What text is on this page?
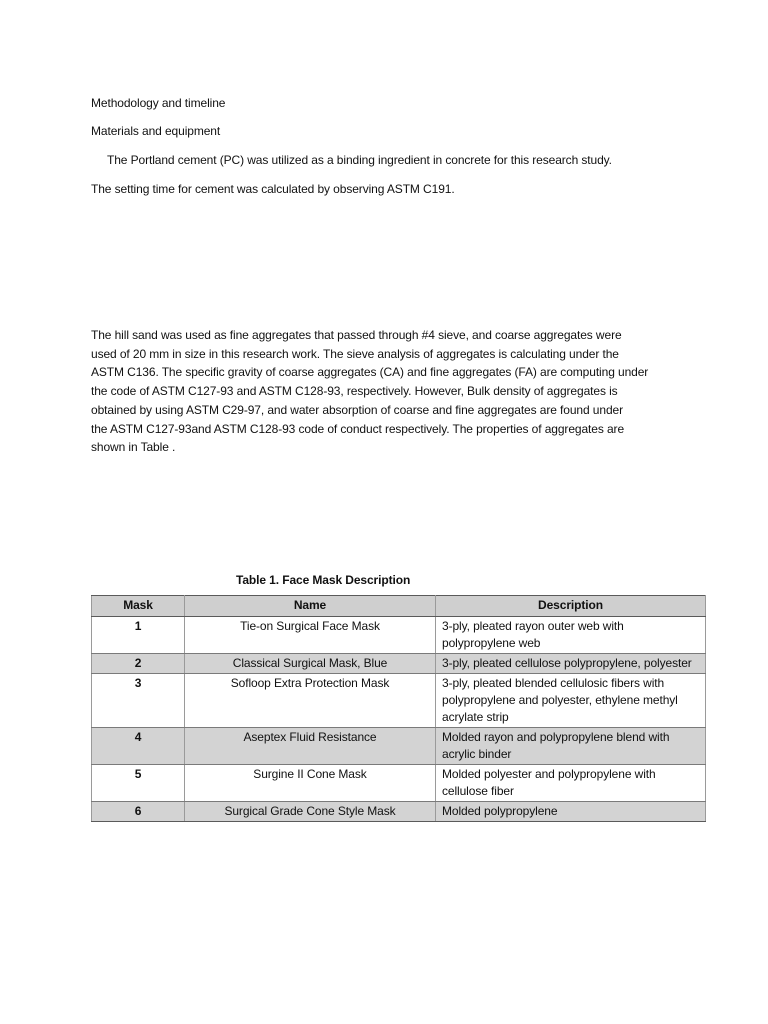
Methodology and timeline
Materials and equipment
The Portland cement (PC) was utilized as a binding ingredient in concrete for this research study.
The setting time for cement was calculated by observing ASTM C191.
The hill sand was used as fine aggregates that passed through #4 sieve, and coarse aggregates were
used of 20 mm in size in this research work. The sieve analysis of aggregates is calculating under the
ASTM C136. The specific gravity of coarse aggregates (CA) and fine aggregates (FA) are computing under
the code of ASTM C127-93 and ASTM C128-93, respectively. However, Bulk density of aggregates is
obtained by using ASTM C29-97, and water absorption of coarse and fine aggregates are found under
the ASTM C127-93and ASTM C128-93 code of conduct respectively. The properties of aggregates are
shown in Table .
Table 1. Face Mask Description
Mask	Name	Description
1	Tie-on Surgical Face Mask	3-ply, pleated rayon outer web with polypropylene web
2	Classical Surgical Mask, Blue	3-ply, pleated cellulose polypropylene, polyester
3	Sofloop Extra Protection Mask	3-ply, pleated blended cellulosic fibers with polypropylene and polyester, ethylene methyl acrylate strip
4	Aseptex Fluid Resistance	Molded rayon and polypropylene blend with acrylic binder
5	Surgine II Cone Mask	Molded polyester and polypropylene with cellulose fiber
6	Surgical Grade Cone Style Mask	Molded polypropylene
